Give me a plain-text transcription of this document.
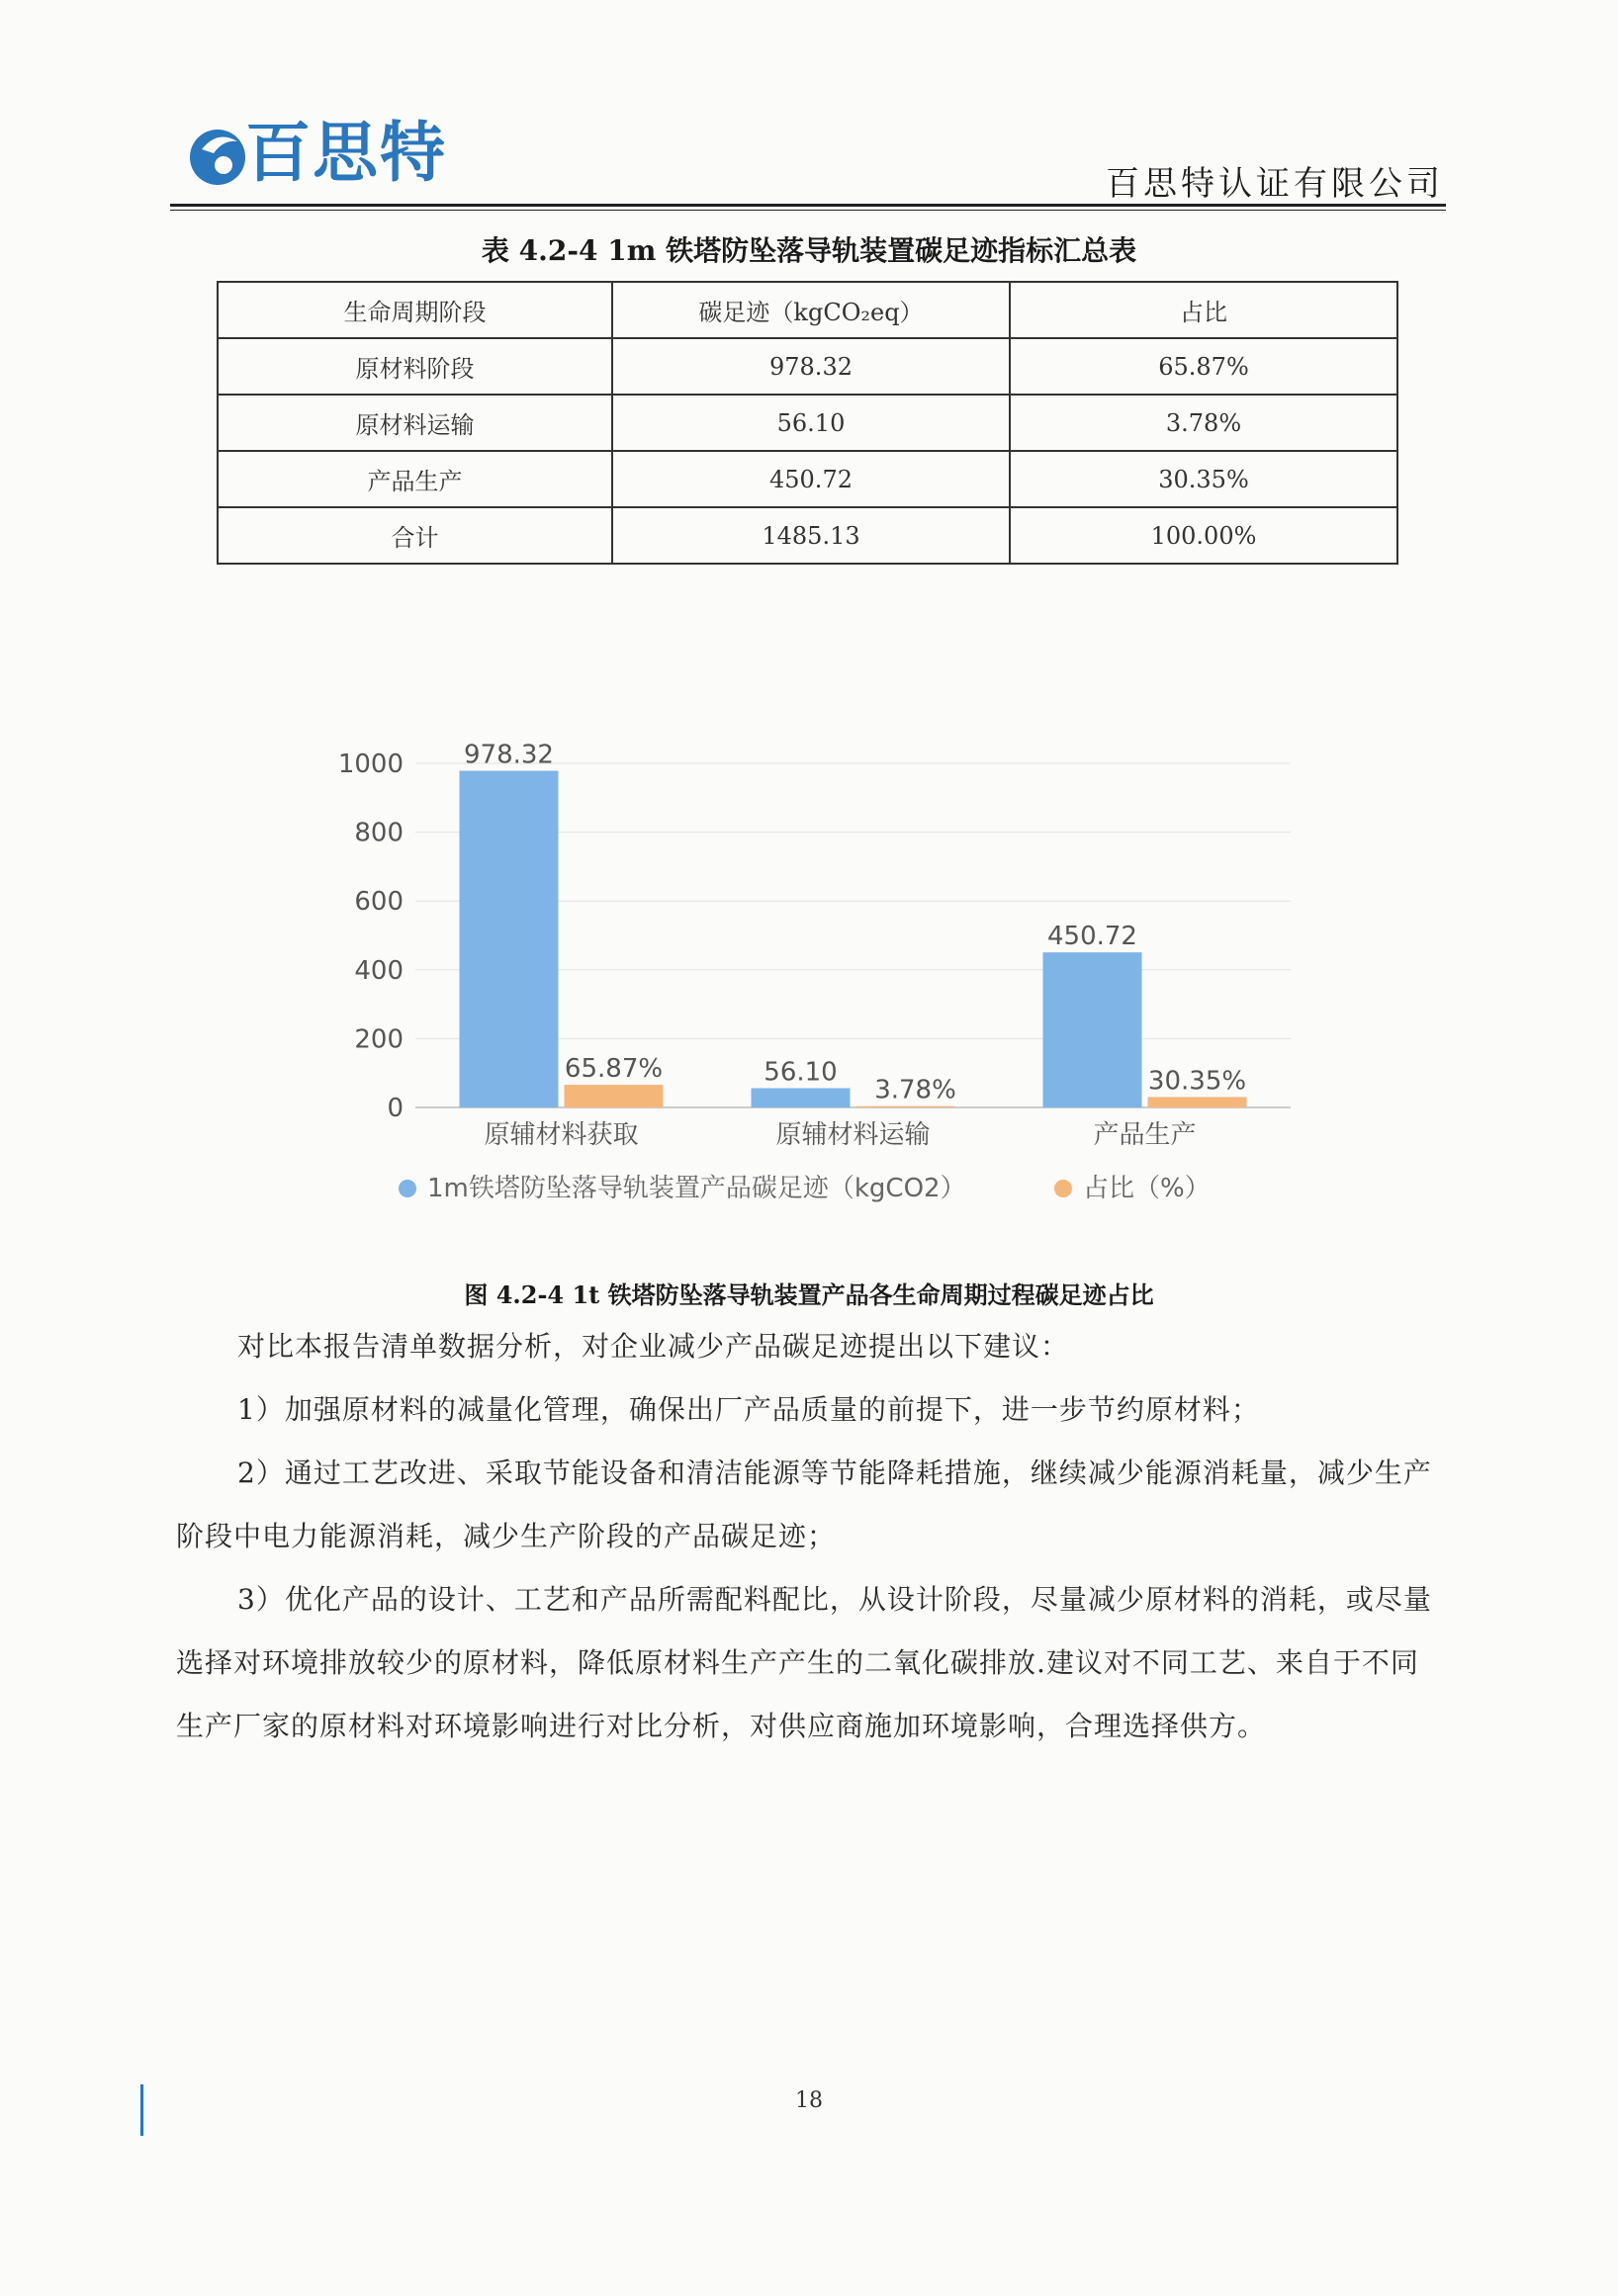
百思特	百思特认证有限公司
表 4.2-4 1m 铁塔防坠落导轨装置碳足迹指标汇总表
生命周期阶段	碳足迹（kgCO₂eq）	占比
原材料阶段	978.32	65.87%
原材料运输	56.10	3.78%
产品生产	450.72	30.35%
合计	1485.13	100.00%
0
200
400
600
800
1000 978.32
65.87%
原辅材料获取
56.10
3.78%
原辅材料运输
450.72
30.35%
产品生产
1m铁塔防坠落导轨装置产品碳足迹（kgCO2）	占比（%）
图 4.2-4 1t 铁塔防坠落导轨装置产品各生命周期过程碳足迹占比
对比本报告清单数据分析，对企业减少产品碳足迹提出以下建议：
1）加强原材料的减量化管理，确保出厂产品质量的前提下，进一步节约原材料；
2）通过工艺改进、采取节能设备和清洁能源等节能降耗措施，继续减少能源消耗量，减少生产阶段中电力能源消耗，减少生产阶段的产品碳足迹；
3）优化产品的设计、工艺和产品所需配料配比，从设计阶段，尽量减少原材料的消耗，或尽量选择对环境排放较少的原材料，降低原材料生产产生的二氧化碳排放.建议对不同工艺、来自于不同生产厂家的原材料对环境影响进行对比分析，对供应商施加环境影响，合理选择供方。
18
